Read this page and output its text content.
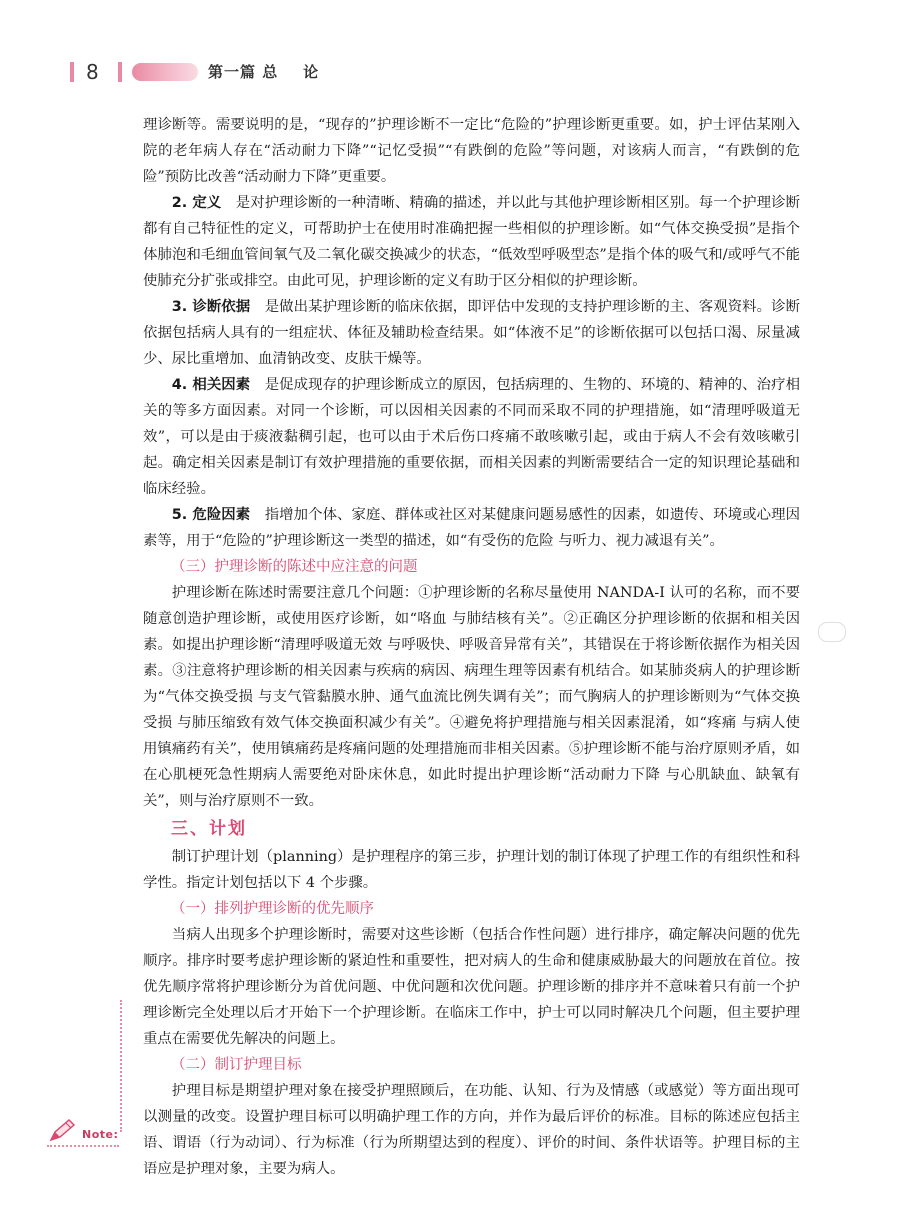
8	第一篇 总    论

理诊断等。需要说明的是，“现存的”护理诊断不一定比“危险的”护理诊断更重要。如，护士评估某刚入院的老年病人存在“活动耐力下降”“记忆受损”“有跌倒的危险”等问题，对该病人而言，“有跌倒的危险”预防比改善“活动耐力下降”更重要。

2. 定义　 是对护理诊断的一种清晰、精确的描述，并以此与其他护理诊断相区别。每一个护理诊断都有自己特征性的定义，可帮助护士在使用时准确把握一些相似的护理诊断。如“气体交换受损”是指个体肺泡和毛细血管间氧气及二氧化碳交换减少的状态，“低效型呼吸型态”是指个体的吸气和/或呼气不能使肺充分扩张或排空。由此可见，护理诊断的定义有助于区分相似的护理诊断。

3. 诊断依据　 是做出某护理诊断的临床依据，即评估中发现的支持护理诊断的主、客观资料。诊断依据包括病人具有的一组症状、体征及辅助检查结果。如“体液不足”的诊断依据可以包括口渴、尿量减少、尿比重增加、血清钠改变、皮肤干燥等。

4. 相关因素　 是促成现存的护理诊断成立的原因，包括病理的、生物的、环境的、精神的、治疗相关的等多方面因素。对同一个诊断，可以因相关因素的不同而采取不同的护理措施，如“清理呼吸道无效”，可以是由于痰液黏稠引起，也可以由于术后伤口疼痛不敢咳嗽引起，或由于病人不会有效咳嗽引起。确定相关因素是制订有效护理措施的重要依据，而相关因素的判断需要结合一定的知识理论基础和临床经验。

5. 危险因素　 指增加个体、家庭、群体或社区对某健康问题易感性的因素，如遗传、环境或心理因素等，用于“危险的”护理诊断这一类型的描述，如“有受伤的危险 与听力、视力减退有关”。

（三）护理诊断的陈述中应注意的问题

护理诊断在陈述时需要注意几个问题：①护理诊断的名称尽量使用 NANDA-I 认可的名称，而不要随意创造护理诊断，或使用医疗诊断，如“咯血 与肺结核有关”。②正确区分护理诊断的依据和相关因素。如提出护理诊断“清理呼吸道无效 与呼吸快、呼吸音异常有关”，其错误在于将诊断依据作为相关因素。③注意将护理诊断的相关因素与疾病的病因、病理生理等因素有机结合。如某肺炎病人的护理诊断为“气体交换受损 与支气管黏膜水肿、通气血流比例失调有关”；而气胸病人的护理诊断则为“气体交换受损 与肺压缩致有效气体交换面积减少有关”。④避免将护理措施与相关因素混淆，如“疼痛 与病人使用镇痛药有关”，使用镇痛药是疼痛问题的处理措施而非相关因素。⑤护理诊断不能与治疗原则矛盾，如在心肌梗死急性期病人需要绝对卧床休息，如此时提出护理诊断“活动耐力下降 与心肌缺血、缺氧有关”，则与治疗原则不一致。

三、计划

制订护理计划（planning）是护理程序的第三步，护理计划的制订体现了护理工作的有组织性和科学性。指定计划包括以下 4 个步骤。

（一）排列护理诊断的优先顺序

当病人出现多个护理诊断时，需要对这些诊断（包括合作性问题）进行排序，确定解决问题的优先顺序。排序时要考虑护理诊断的紧迫性和重要性，把对病人的生命和健康威胁最大的问题放在首位。按优先顺序常将护理诊断分为首优问题、中优问题和次优问题。护理诊断的排序并不意味着只有前一个护理诊断完全处理以后才开始下一个护理诊断。在临床工作中，护士可以同时解决几个问题，但主要护理重点在需要优先解决的问题上。

（二）制订护理目标

护理目标是期望护理对象在接受护理照顾后，在功能、认知、行为及情感（或感觉）等方面出现可以测量的改变。设置护理目标可以明确护理工作的方向，并作为最后评价的标准。目标的陈述应包括主语、谓语（行为动词）、行为标准（行为所期望达到的程度）、评价的时间、条件状语等。护理目标的主语应是护理对象，主要为病人。

Note:
